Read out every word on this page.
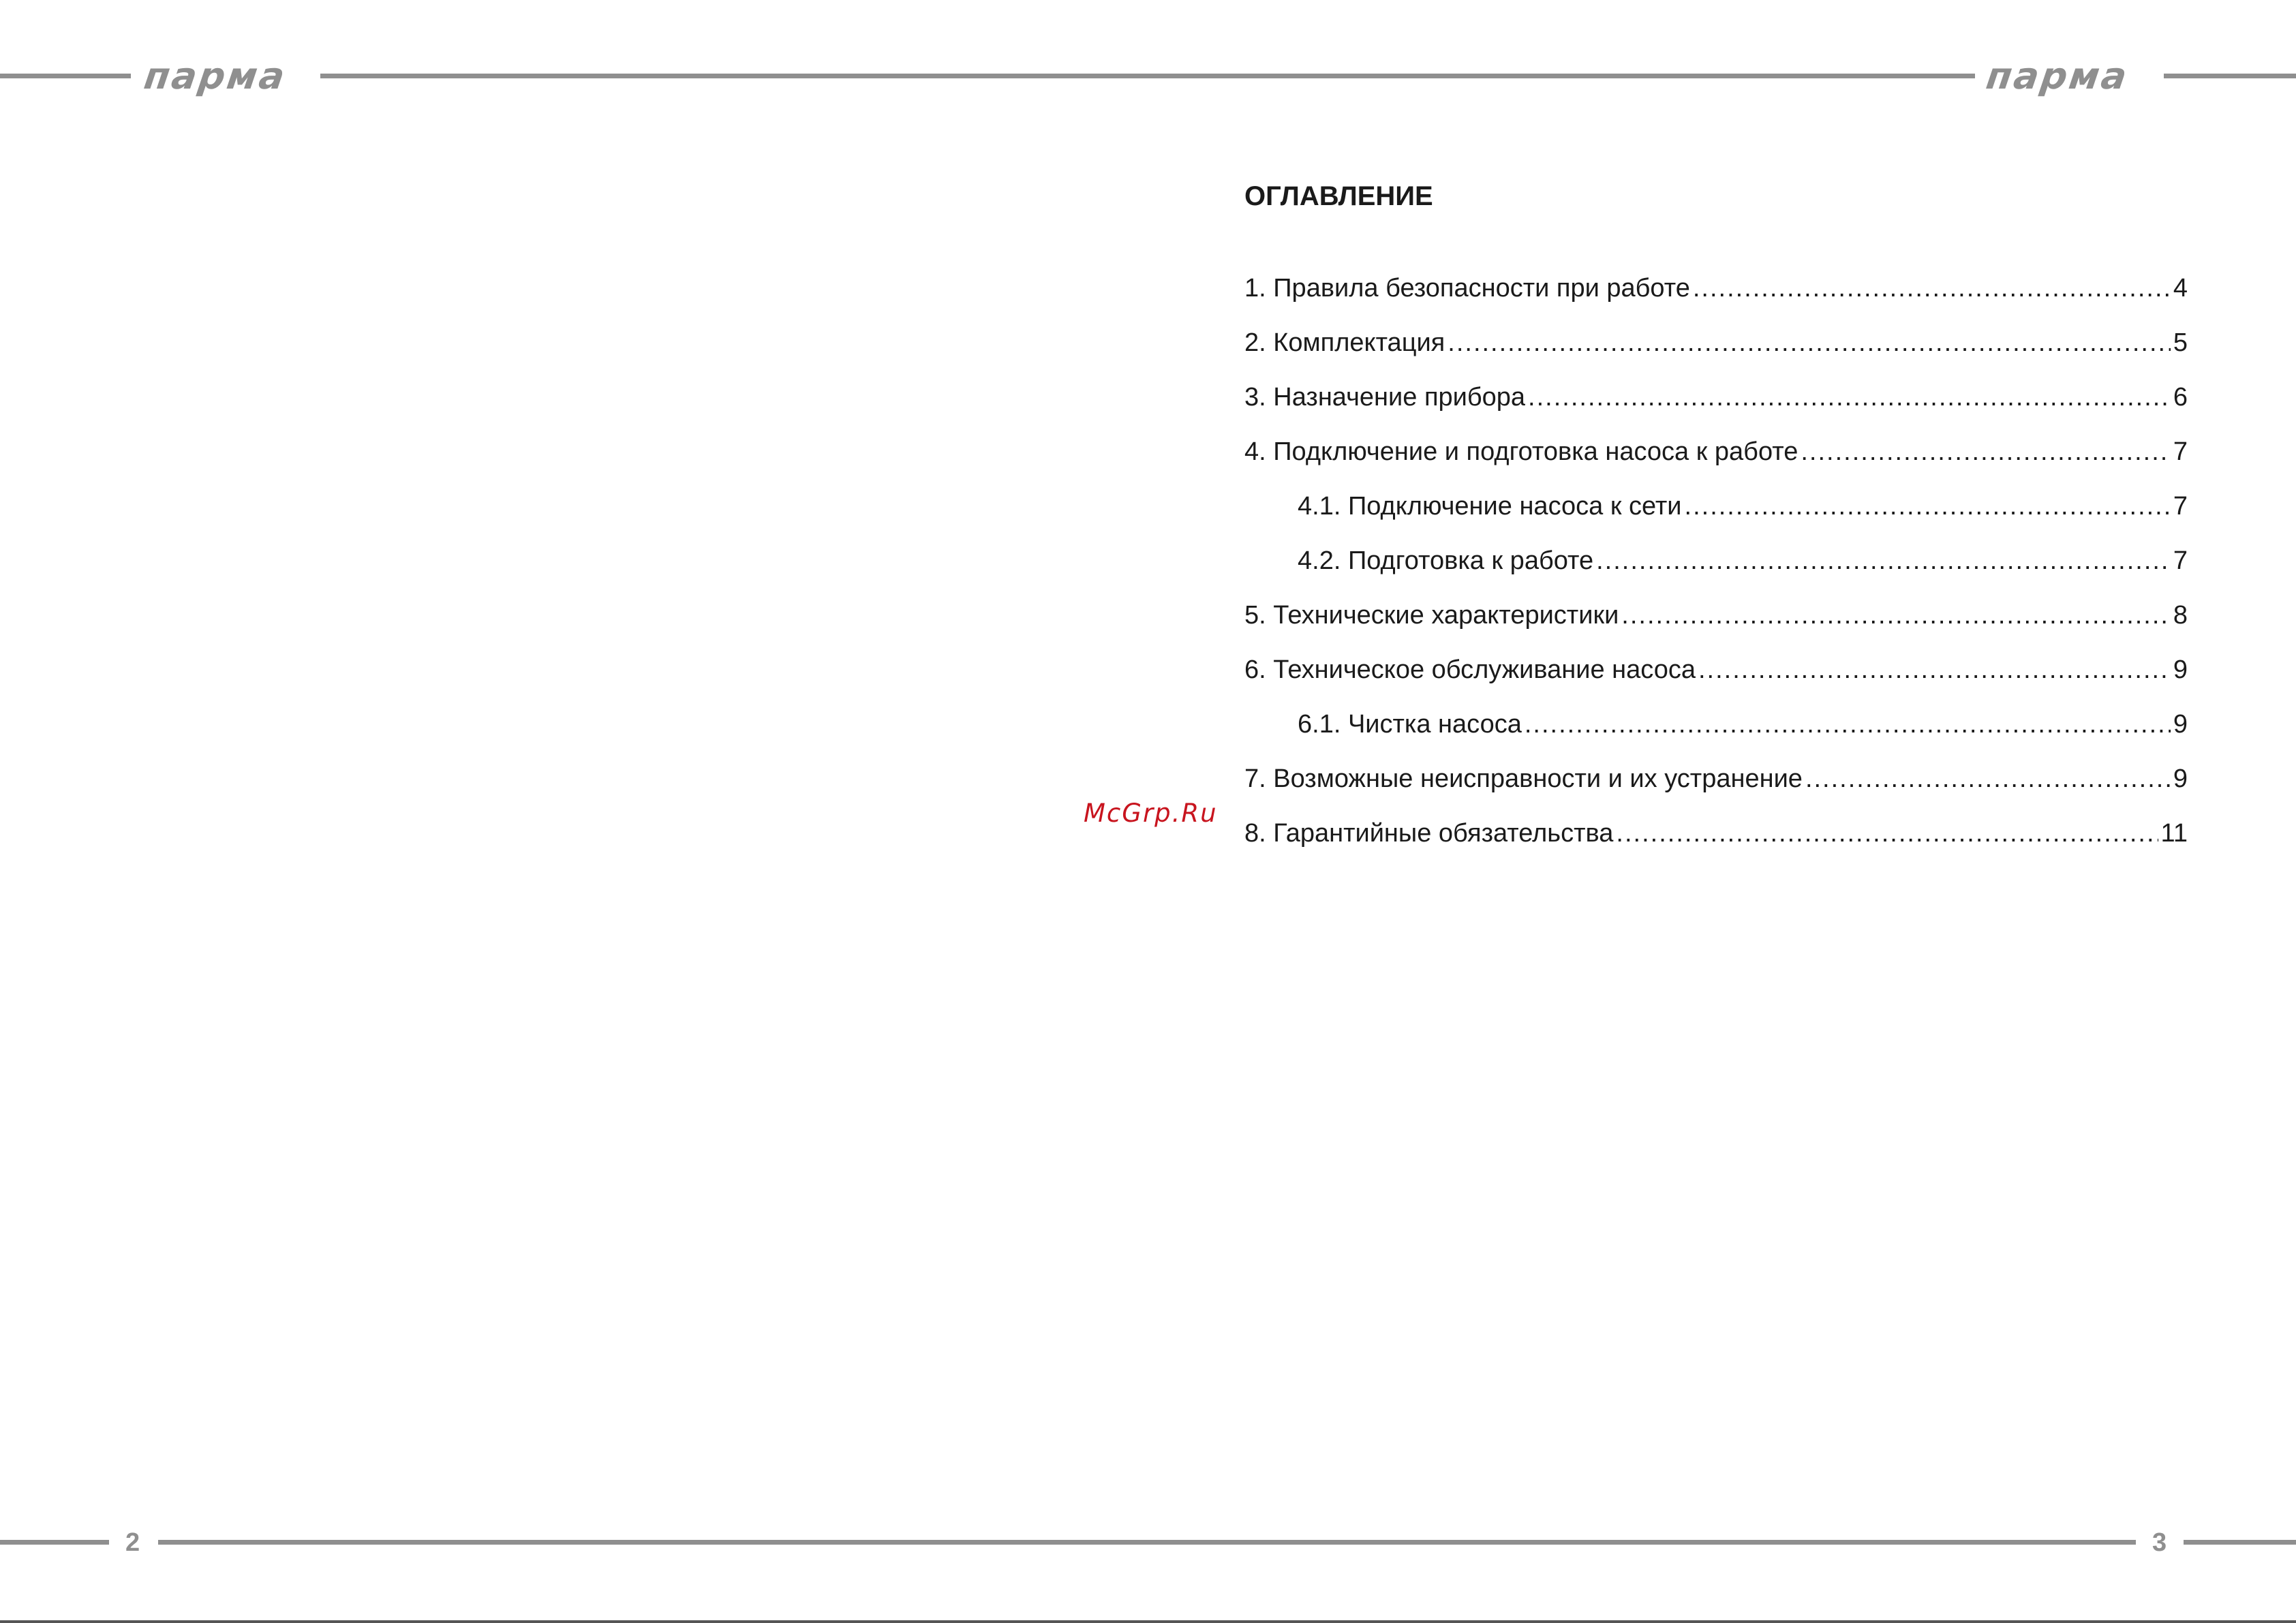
парма	парма
ОГЛАВЛЕНИЕ
1. Правила безопасности при работе .....	4
2. Комплектация .....	5
3. Назначение прибора .....	6
4. Подключение и подготовка насоса к работе .....	7
4.1. Подключение насоса к сети .....	7
4.2. Подготовка к работе .....	7
5. Технические характеристики .....	8
6. Техническое обслуживание насоса .....	9
6.1. Чистка насоса .....	9
7. Возможные неисправности и их устранение .....	9
8. Гарантийные обязательства .....	11
McGrp.Ru
2	3
